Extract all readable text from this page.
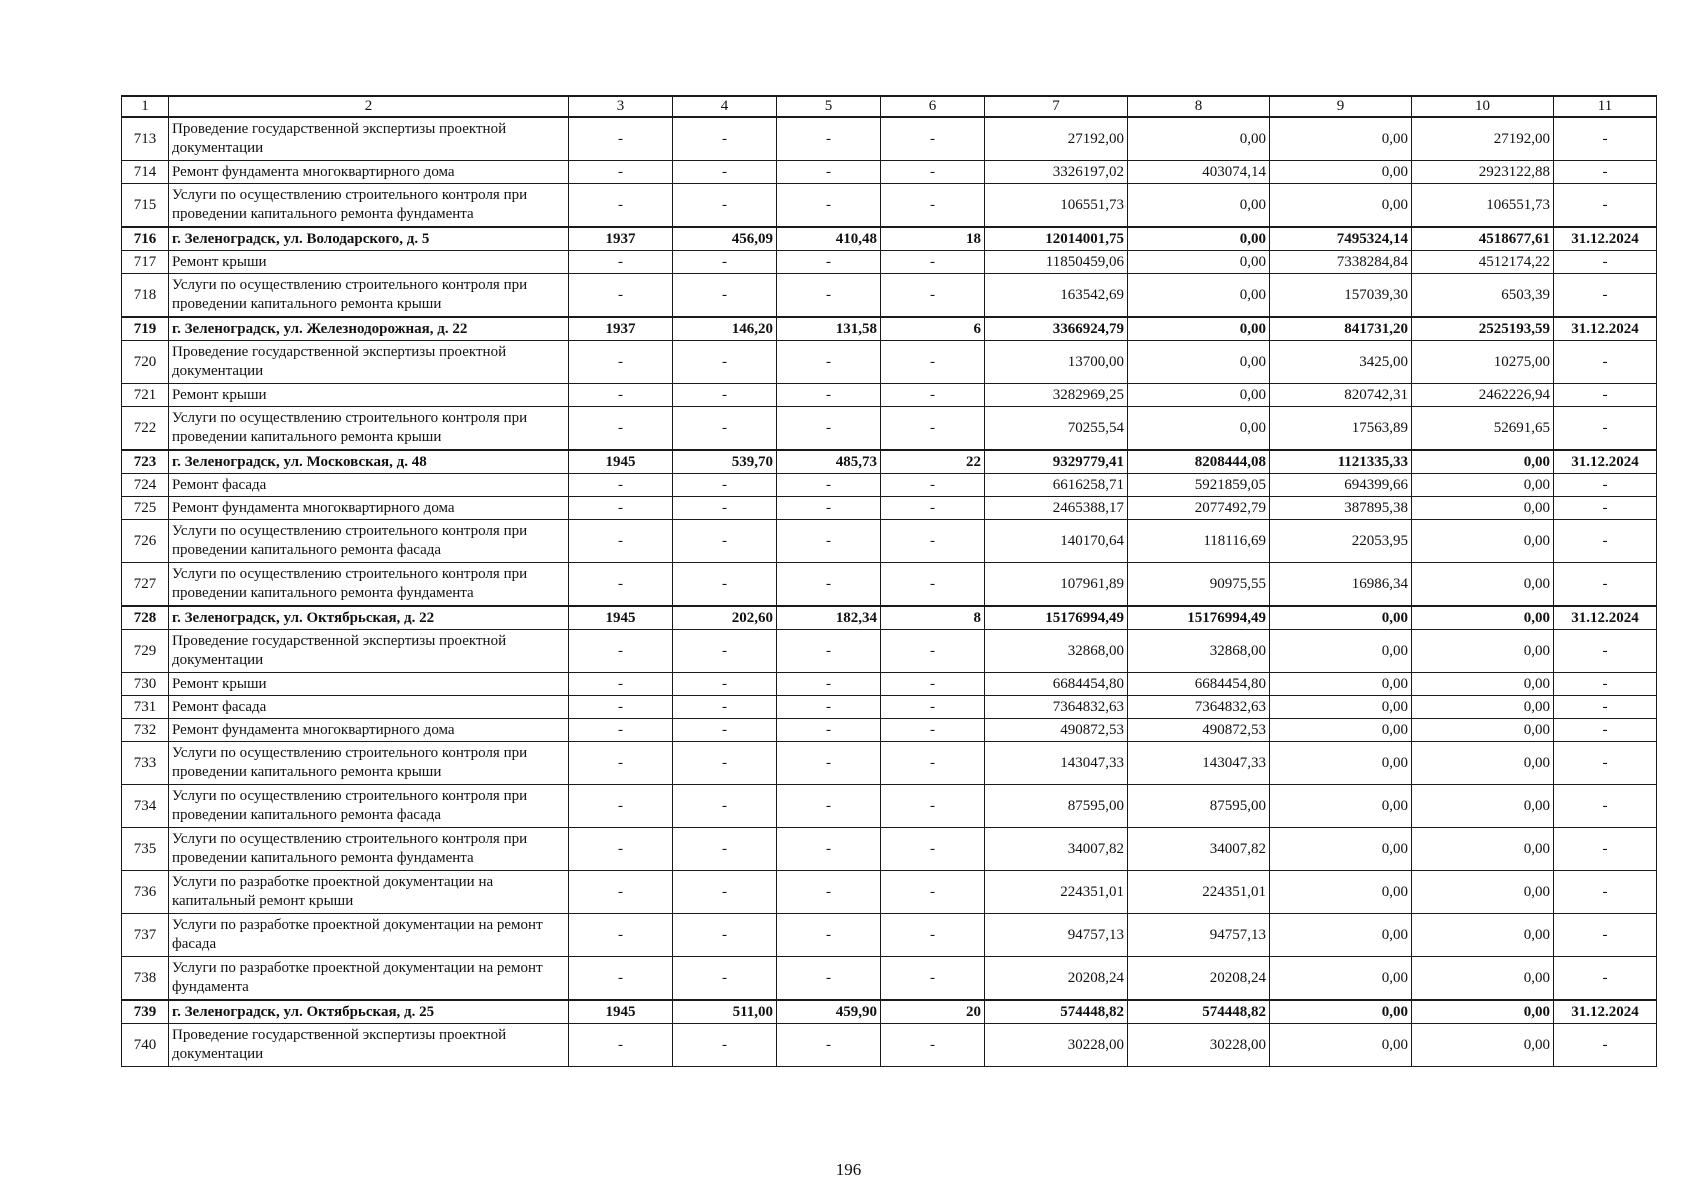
1	2	3	4	5	6	7	8	9	10	11
713	Проведение государственной экспертизы проектной документации	-	-	-	-	27192,00	0,00	0,00	27192,00	-
714	Ремонт фундамента многоквартирного дома	-	-	-	-	3326197,02	403074,14	0,00	2923122,88	-
715	Услуги по осуществлению строительного контроля при проведении капитального ремонта фундамента	-	-	-	-	106551,73	0,00	0,00	106551,73	-
716	г. Зеленоградск, ул. Володарского, д. 5	1937	456,09	410,48	18	12014001,75	0,00	7495324,14	4518677,61	31.12.2024
717	Ремонт крыши	-	-	-	-	11850459,06	0,00	7338284,84	4512174,22	-
718	Услуги по осуществлению строительного контроля при проведении капитального ремонта крыши	-	-	-	-	163542,69	0,00	157039,30	6503,39	-
719	г. Зеленоградск, ул. Железнодорожная, д. 22	1937	146,20	131,58	6	3366924,79	0,00	841731,20	2525193,59	31.12.2024
720	Проведение государственной экспертизы проектной документации	-	-	-	-	13700,00	0,00	3425,00	10275,00	-
721	Ремонт крыши	-	-	-	-	3282969,25	0,00	820742,31	2462226,94	-
722	Услуги по осуществлению строительного контроля при проведении капитального ремонта крыши	-	-	-	-	70255,54	0,00	17563,89	52691,65	-
723	г. Зеленоградск, ул. Московская, д. 48	1945	539,70	485,73	22	9329779,41	8208444,08	1121335,33	0,00	31.12.2024
724	Ремонт фасада	-	-	-	-	6616258,71	5921859,05	694399,66	0,00	-
725	Ремонт фундамента многоквартирного дома	-	-	-	-	2465388,17	2077492,79	387895,38	0,00	-
726	Услуги по осуществлению строительного контроля при проведении капитального ремонта фасада	-	-	-	-	140170,64	118116,69	22053,95	0,00	-
727	Услуги по осуществлению строительного контроля при проведении капитального ремонта фундамента	-	-	-	-	107961,89	90975,55	16986,34	0,00	-
728	г. Зеленоградск, ул. Октябрьская, д. 22	1945	202,60	182,34	8	15176994,49	15176994,49	0,00	0,00	31.12.2024
729	Проведение государственной экспертизы проектной документации	-	-	-	-	32868,00	32868,00	0,00	0,00	-
730	Ремонт крыши	-	-	-	-	6684454,80	6684454,80	0,00	0,00	-
731	Ремонт фасада	-	-	-	-	7364832,63	7364832,63	0,00	0,00	-
732	Ремонт фундамента многоквартирного дома	-	-	-	-	490872,53	490872,53	0,00	0,00	-
733	Услуги по осуществлению строительного контроля при проведении капитального ремонта крыши	-	-	-	-	143047,33	143047,33	0,00	0,00	-
734	Услуги по осуществлению строительного контроля при проведении капитального ремонта фасада	-	-	-	-	87595,00	87595,00	0,00	0,00	-
735	Услуги по осуществлению строительного контроля при проведении капитального ремонта фундамента	-	-	-	-	34007,82	34007,82	0,00	0,00	-
736	Услуги по разработке проектной документации на капитальный ремонт крыши	-	-	-	-	224351,01	224351,01	0,00	0,00	-
737	Услуги по разработке проектной документации на ремонт фасада	-	-	-	-	94757,13	94757,13	0,00	0,00	-
738	Услуги по разработке проектной документации на ремонт фундамента	-	-	-	-	20208,24	20208,24	0,00	0,00	-
739	г. Зеленоградск, ул. Октябрьская, д. 25	1945	511,00	459,90	20	574448,82	574448,82	0,00	0,00	31.12.2024
740	Проведение государственной экспертизы проектной документации	-	-	-	-	30228,00	30228,00	0,00	0,00	-
196
